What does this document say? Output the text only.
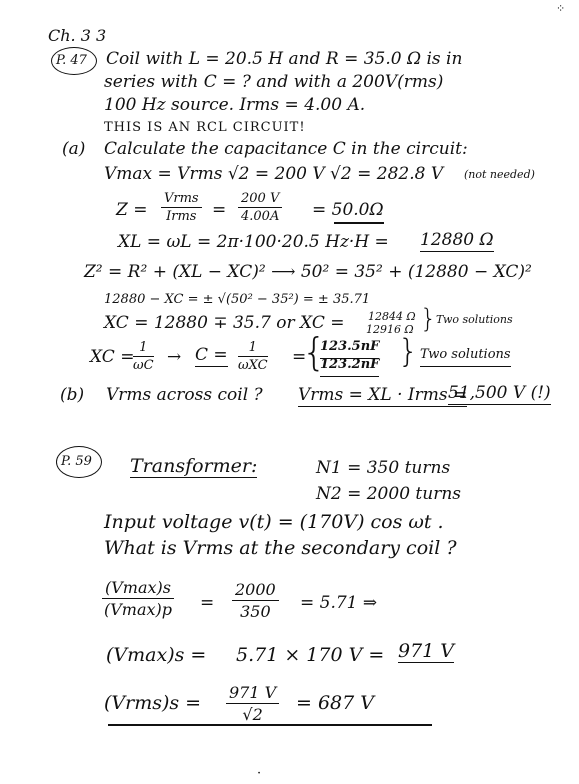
Ch. 3 3
P. 47 Coil with L = 20.5 H and R = 35.0 Ω is in
series with C = ? and with a 200V(rms)
100 Hz source. Irms = 4.00 A.
THIS IS AN RCL CIRCUIT!
(a) Calculate the capacitance C in the circuit:
Vmax = Vrms √2 = 200 V √2 = 282.8 V (not needed)
Z =
Vrms
Irms = $\frac{200 V}{4.00A} = 50.0\Omega$
XL = ωL = 2π·100·20.5 Hz·H = 12880 Ω
Z² = R² + (XL − XC)² ⟶ 50² = 35² + (12880 − XC)²
12880 − XC = ± √(50² − 35²) = ± 35.71
XC = 12880 ∓ 35.7 or XC = 12844 Ω
12916 Ω } Two solutions
XC =
$\frac{1}{\omega C} \to C$ =	1
ωXC =
{
123.5nF
123.2nF } Two solutions
(b) Vrms across coil ? Vrms = XL · Irms =
51,500 V (!)
P. 59 Transformer:	N1 = 350 turns
N2 = 2000 turns
Input voltage v(t) = (170V) cos ωt .
What is Vrms at the secondary coil ?
(Vmax)s
$(Vmax)p = \frac{2000}{350} = 5.71$ ⇒
(Vmax)s = 5.71 × 170 V = 971 V
(Vrms)s = $\frac{971 V}{√2} = 687$ V
·
⁘
